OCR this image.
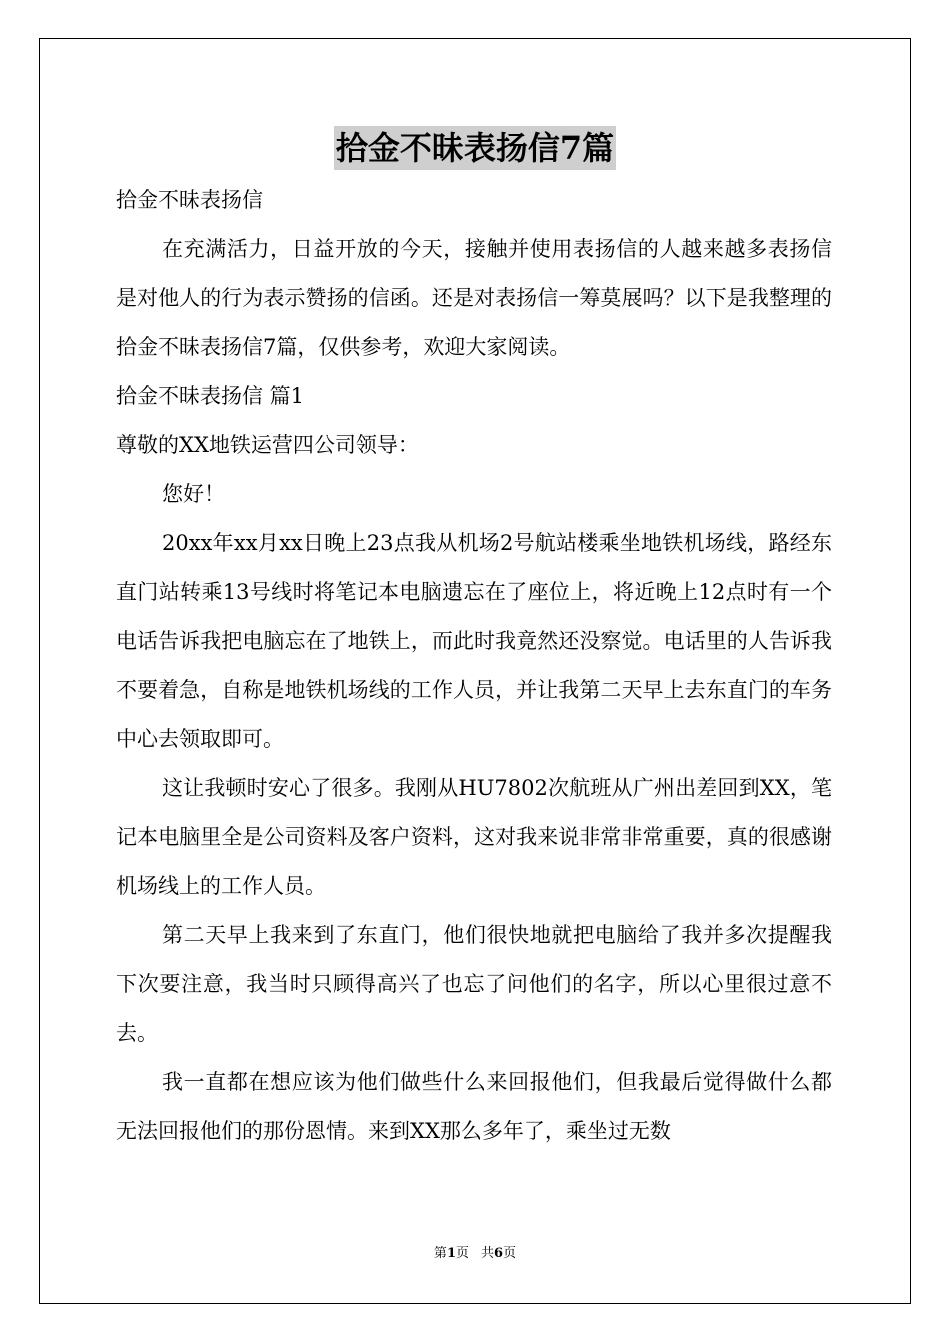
拾金不昧表扬信7篇

拾金不昧表扬信

在充满活力，日益开放的今天，接触并使用表扬信的人越来越多表扬信是对他人的行为表示赞扬的信函。还是对表扬信一筹莫展吗？以下是我整理的拾金不昧表扬信7篇，仅供参考，欢迎大家阅读。

拾金不昧表扬信 篇1

尊敬的XX地铁运营四公司领导：

您好！

20xx年xx月xx日晚上23点我从机场2号航站楼乘坐地铁机场线，路经东直门站转乘13号线时将笔记本电脑遗忘在了座位上，将近晚上12点时有一个电话告诉我把电脑忘在了地铁上，而此时我竟然还没察觉。电话里的人告诉我不要着急，自称是地铁机场线的工作人员，并让我第二天早上去东直门的车务中心去领取即可。

这让我顿时安心了很多。我刚从HU7802次航班从广州出差回到XX，笔记本电脑里全是公司资料及客户资料，这对我来说非常非常重要，真的很感谢机场线上的工作人员。

第二天早上我来到了东直门，他们很快地就把电脑给了我并多次提醒我下次要注意，我当时只顾得高兴了也忘了问他们的名字，所以心里很过意不去。

我一直都在想应该为他们做些什么来回报他们，但我最后觉得做什么都无法回报他们的那份恩情。来到XX那么多年了，乘坐过无数

第1页 共6页
